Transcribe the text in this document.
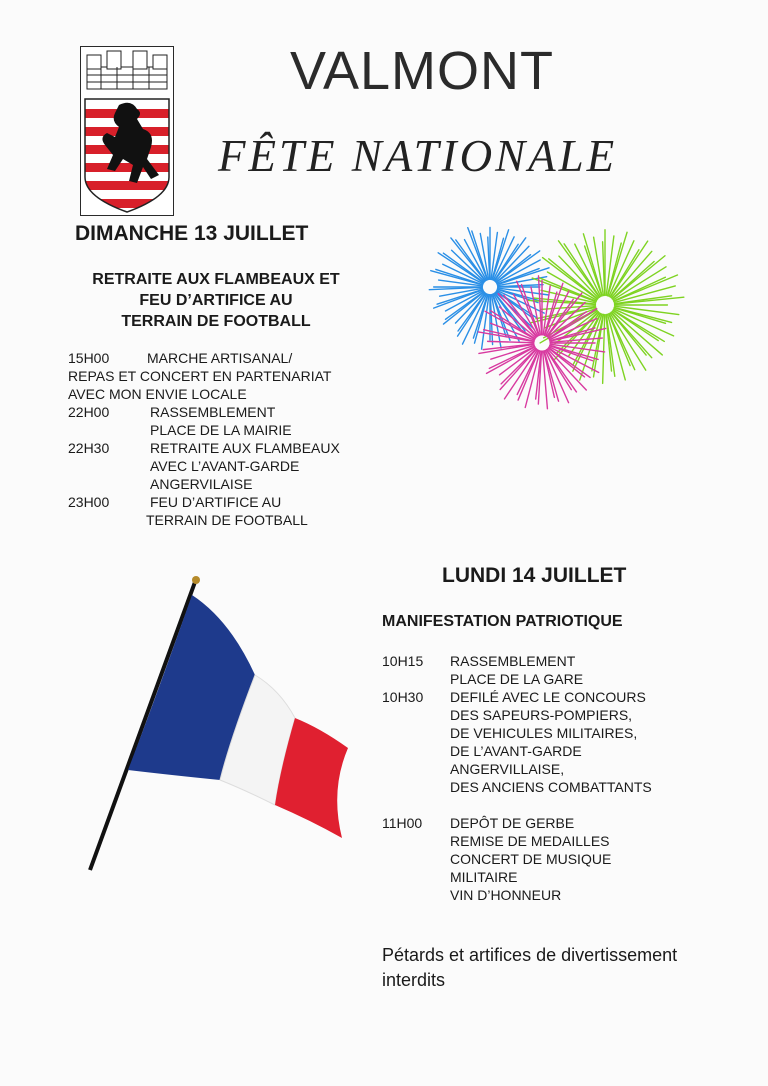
VALMONT
FÊTE NATIONALE
DIMANCHE 13 JUILLET
RETRAITE AUX FLAMBEAUX ET
FEU D’ARTIFICE AU
TERRAIN DE FOOTBALL
15H00	MARCHE ARTISANAL/
REPAS ET CONCERT EN PARTENARIAT
AVEC MON ENVIE LOCALE
22H00	RASSEMBLEMENT
PLACE DE LA MAIRIE
22H30	RETRAITE AUX FLAMBEAUX
AVEC L’AVANT-GARDE
ANGERVILAISE
23H00	FEU D’ARTIFICE AU
TERRAIN DE FOOTBALL
LUNDI 14 JUILLET
MANIFESTATION PATRIOTIQUE
10H15 RASSEMBLEMENT
PLACE DE LA GARE
10H30 DEFILÉ AVEC LE CONCOURS
DES SAPEURS-POMPIERS,
DE VEHICULES MILITAIRES,
DE L’AVANT-GARDE
ANGERVILLAISE,
DES ANCIENS COMBATTANTS
11H00 DEPÔT DE GERBE
REMISE DE MEDAILLES
CONCERT DE MUSIQUE
MILITAIRE
VIN D’HONNEUR
Pétards et artifices de divertissement interdits
